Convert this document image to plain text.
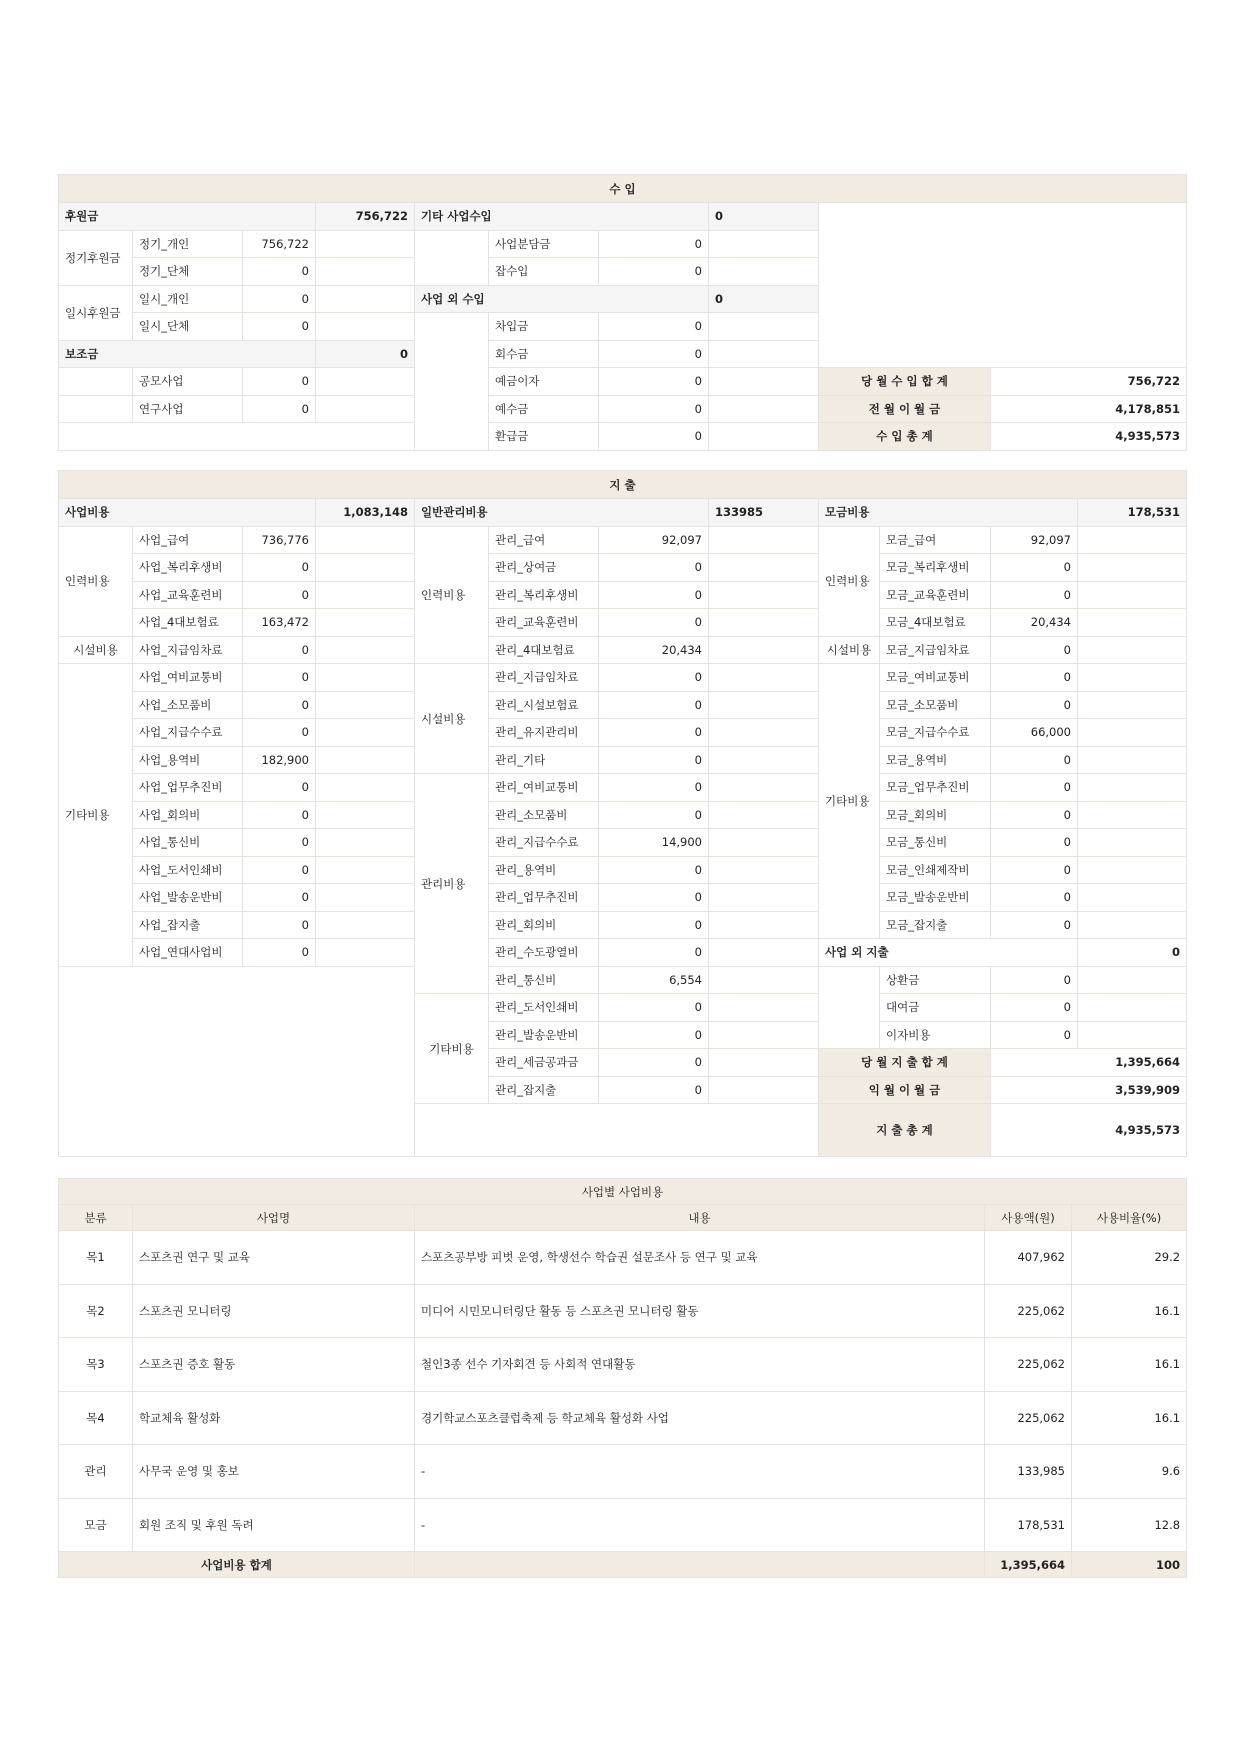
수 입									
후원금			756,722	기타 사업수입			0		
정기후원금	정기_개인	756,722			사업분담금	0			
	정기_단체	0			잡수입	0			
일시후원금	일시_개인	0		사업 외 수입			0		
	일시_단체	0			차입금	0			
보조금			0		회수금	0			
	공모사업	0			예금이자	0		당 월 수 입 합 계	756,722
	연구사업	0			예수금	0		전 월 이 월 금	4,178,851
					환급금	0		수 입 총 계	4,935,573
지 출											
사업비용			1,083,148	일반관리비용			133985	모금비용			178,531
인력비용	사업_급여	736,776		인력비용	관리_급여	92,097		인력비용	모금_급여	92,097	
	사업_복리후생비	0			관리_상여금	0			모금_복리후생비	0	
	사업_교육훈련비	0			관리_복리후생비	0			모금_교육훈련비	0	
	사업_4대보험료	163,472			관리_교육훈련비	0			모금_4대보험료	20,434	
시설비용	사업_지급임차료	0			관리_4대보험료	20,434		시설비용	모금_지급임차료	0	
기타비용	사업_여비교통비	0		시설비용	관리_지급임차료	0		기타비용	모금_여비교통비	0	
	사업_소모품비	0			관리_시설보험료	0			모금_소모품비	0	
	사업_지급수수료	0			관리_유지관리비	0			모금_지급수수료	66,000	
	사업_용역비	182,900			관리_기타	0			모금_용역비	0	
	사업_업무추진비	0		관리비용	관리_여비교통비	0			모금_업무추진비	0	
	사업_회의비	0			관리_소모품비	0			모금_회의비	0	
	사업_통신비	0			관리_지급수수료	14,900			모금_통신비	0	
	사업_도서인쇄비	0			관리_용역비	0			모금_인쇄제작비	0	
	사업_발송운반비	0			관리_업무추진비	0			모금_발송운반비	0	
	사업_잡지출	0			관리_회의비	0			모금_잡지출	0	
	사업_연대사업비	0			관리_수도광열비	0		사업 외 지출			0
					관리_통신비	6,554			상환금	0	
				기타비용	관리_도서인쇄비	0			대여금	0	
					관리_발송운반비	0			이자비용	0	
					관리_세금공과금	0		당 월 지 출 합 계		1,395,664	
					관리_잡지출	0		익 월 이 월 금		3,539,909	
								지 출 총 계		4,935,573	
사업별 사업비용				
분류	사업명	내용	사용액(원)	사용비율(%)
목1	스포츠권 연구 및 교육	스포츠공부방 피벗 운영, 학생선수 학습권 설문조사 등 연구 및 교육	407,962	29.2
목2	스포츠권 모니터링	미디어 시민모니터링단 활동 등 스포츠권 모니터링 활동	225,062	16.1
목3	스포츠권 증호 활동	철인3종 선수 기자회견 등 사회적 연대활동	225,062	16.1
목4	학교체육 활성화	경기학교스포츠클럽축제 등 학교체육 활성화 사업	225,062	16.1
관리	사무국 운영 및 홍보	-	133,985	9.6
모금	회원 조직 및 후원 독려	-	178,531	12.8
사업비용 합계			1,395,664	100
